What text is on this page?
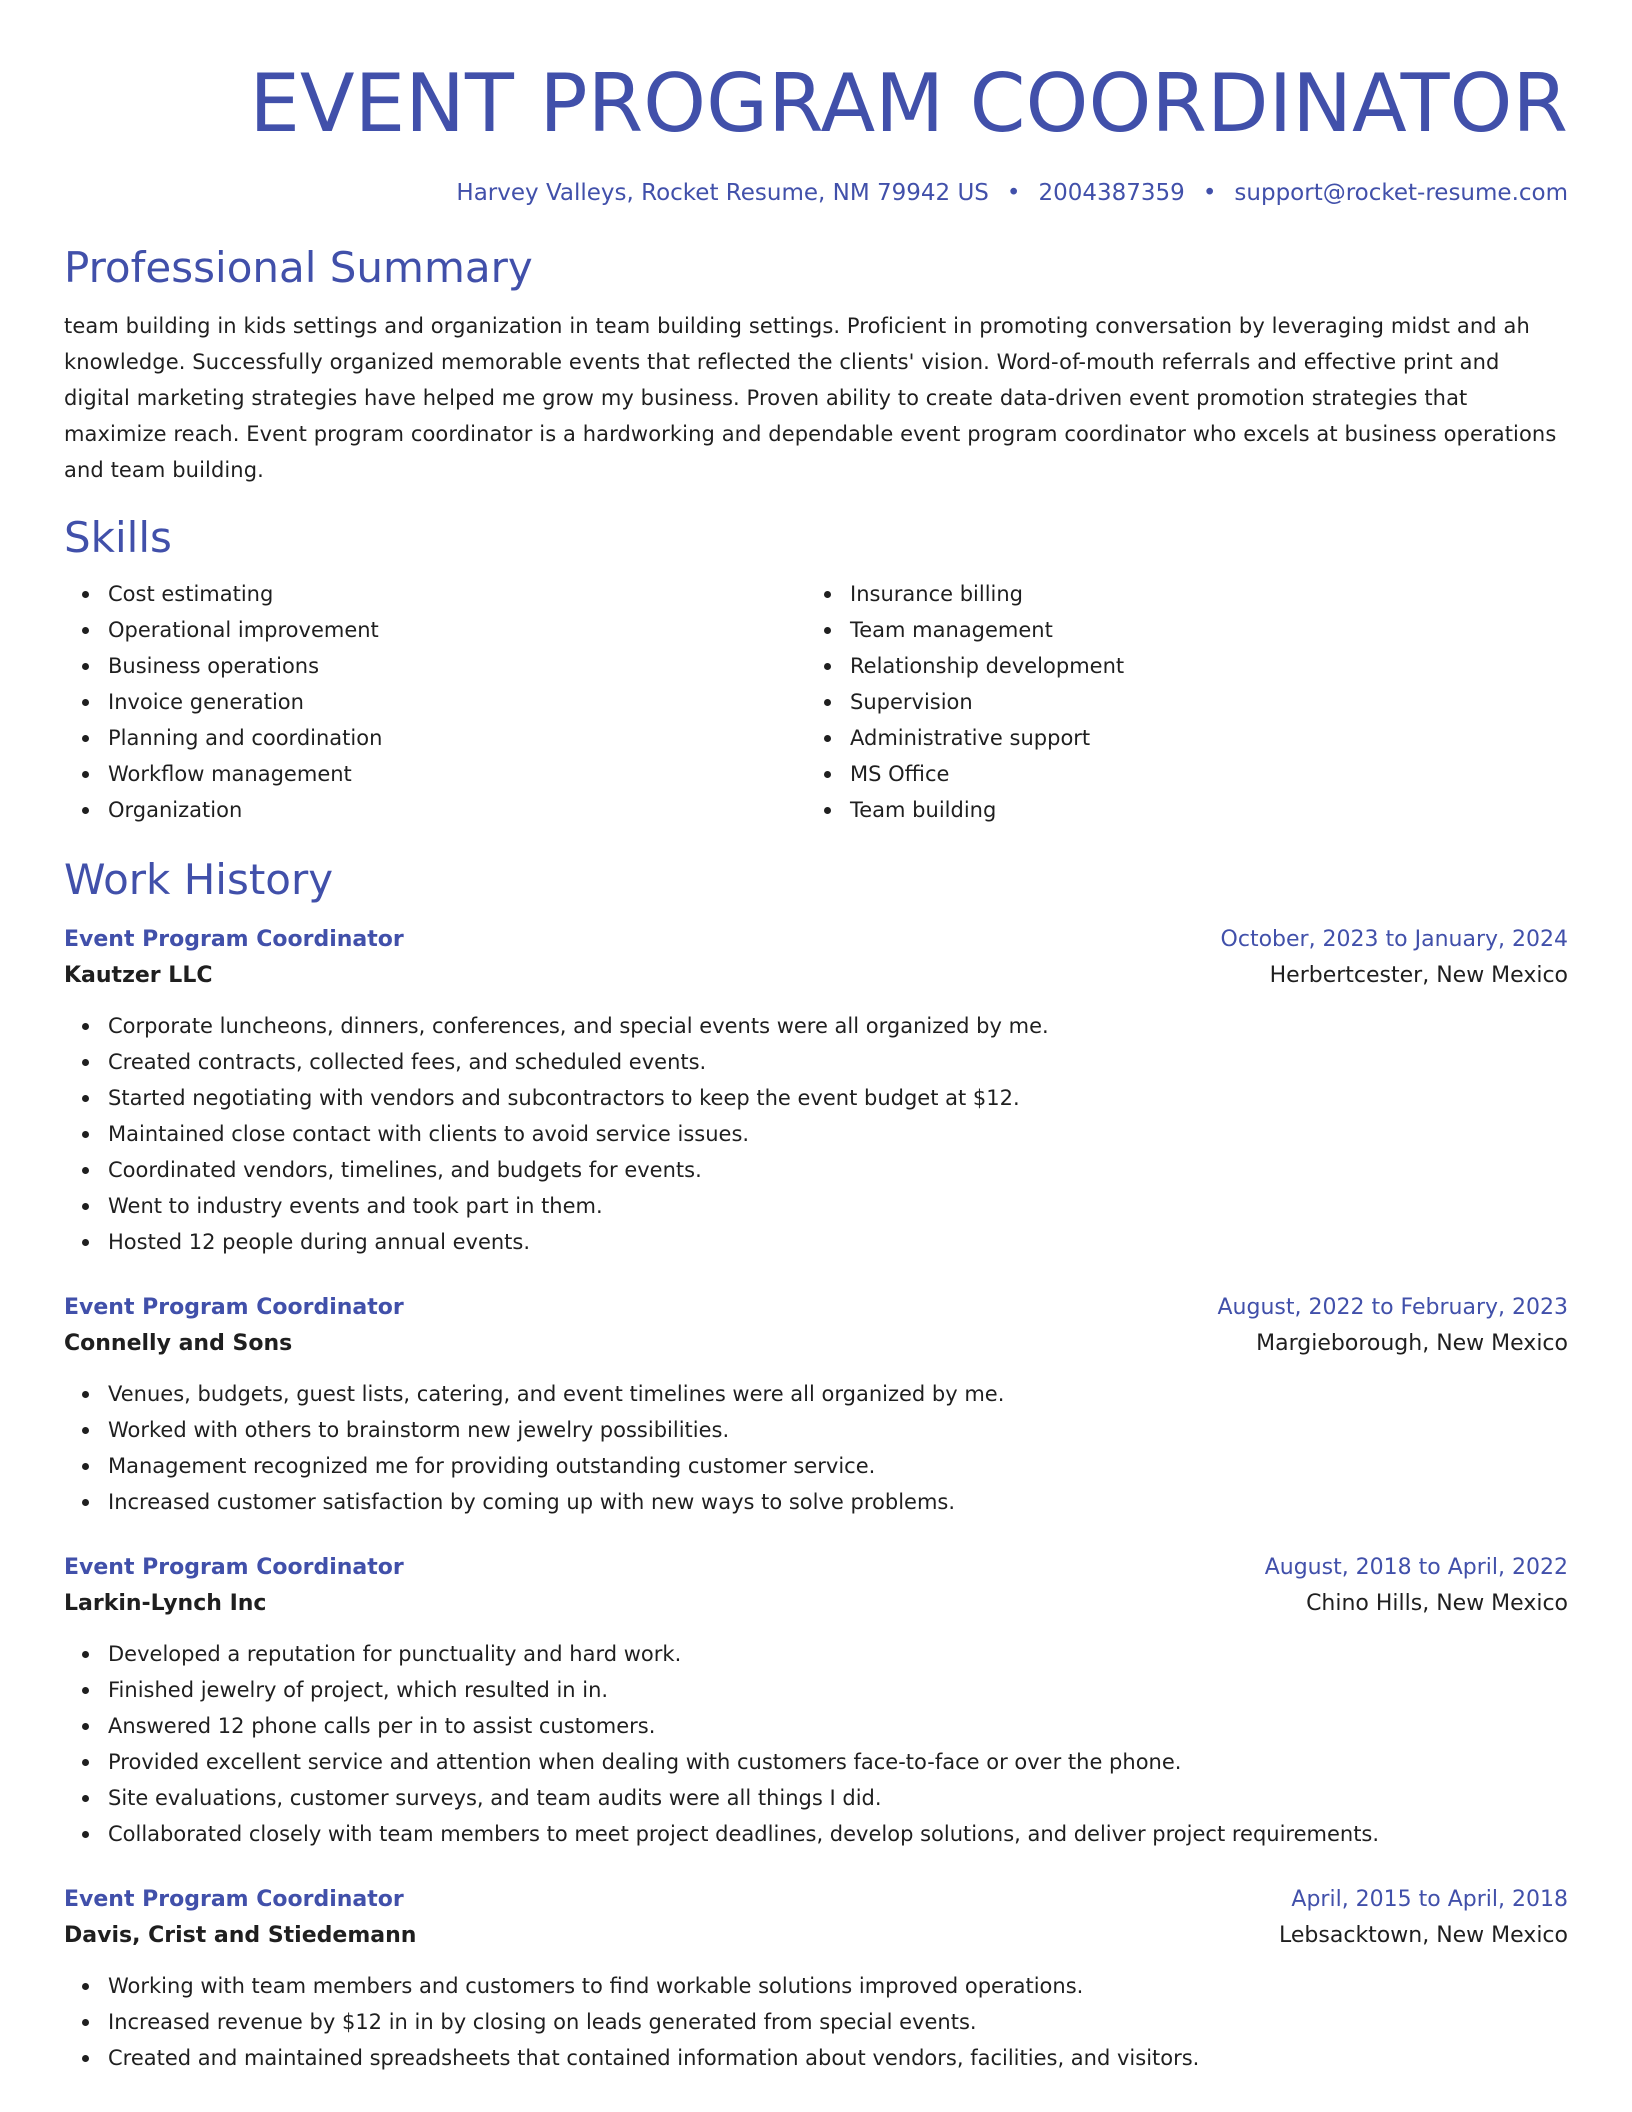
EVENT PROGRAM COORDINATOR
Harvey Valleys, Rocket Resume, NM 79942 US • 2004387359 • support@rocket-resume.com
Professional Summary

team building in kids settings and organization in team building settings. Proficient in promoting conversation by leveraging midst and ah knowledge. Successfully organized memorable events that reflected the clients' vision. Word-of-mouth referrals and effective print and digital marketing strategies have helped me grow my business. Proven ability to create data-driven event promotion strategies that maximize reach. Event program coordinator is a hardworking and dependable event program coordinator who excels at business operations and team building.

Skills
Cost estimating
Operational improvement
Business operations
Invoice generation
Planning and coordination
Workflow management
Organization
Insurance billing
Team management
Relationship development
Supervision
Administrative support
MS Office
Team building
Work History
Event Program Coordinator	October, 2023 to January, 2024
Kautzer LLC	Herbertcester, New Mexico
Corporate luncheons, dinners, conferences, and special events were all organized by me.
Created contracts, collected fees, and scheduled events.
Started negotiating with vendors and subcontractors to keep the event budget at $12.
Maintained close contact with clients to avoid service issues.
Coordinated vendors, timelines, and budgets for events.
Went to industry events and took part in them.
Hosted 12 people during annual events.
Event Program Coordinator	August, 2022 to February, 2023
Connelly and Sons	Margieborough, New Mexico
Venues, budgets, guest lists, catering, and event timelines were all organized by me.
Worked with others to brainstorm new jewelry possibilities.
Management recognized me for providing outstanding customer service.
Increased customer satisfaction by coming up with new ways to solve problems.
Event Program Coordinator	August, 2018 to April, 2022
Larkin-Lynch Inc	Chino Hills, New Mexico
Developed a reputation for punctuality and hard work.
Finished jewelry of project, which resulted in in.
Answered 12 phone calls per in to assist customers.
Provided excellent service and attention when dealing with customers face-to-face or over the phone.
Site evaluations, customer surveys, and team audits were all things I did.
Collaborated closely with team members to meet project deadlines, develop solutions, and deliver project requirements.
Event Program Coordinator	April, 2015 to April, 2018
Davis, Crist and Stiedemann	Lebsacktown, New Mexico
Working with team members and customers to find workable solutions improved operations.
Increased revenue by $12 in in by closing on leads generated from special events.
Created and maintained spreadsheets that contained information about vendors, facilities, and visitors.
